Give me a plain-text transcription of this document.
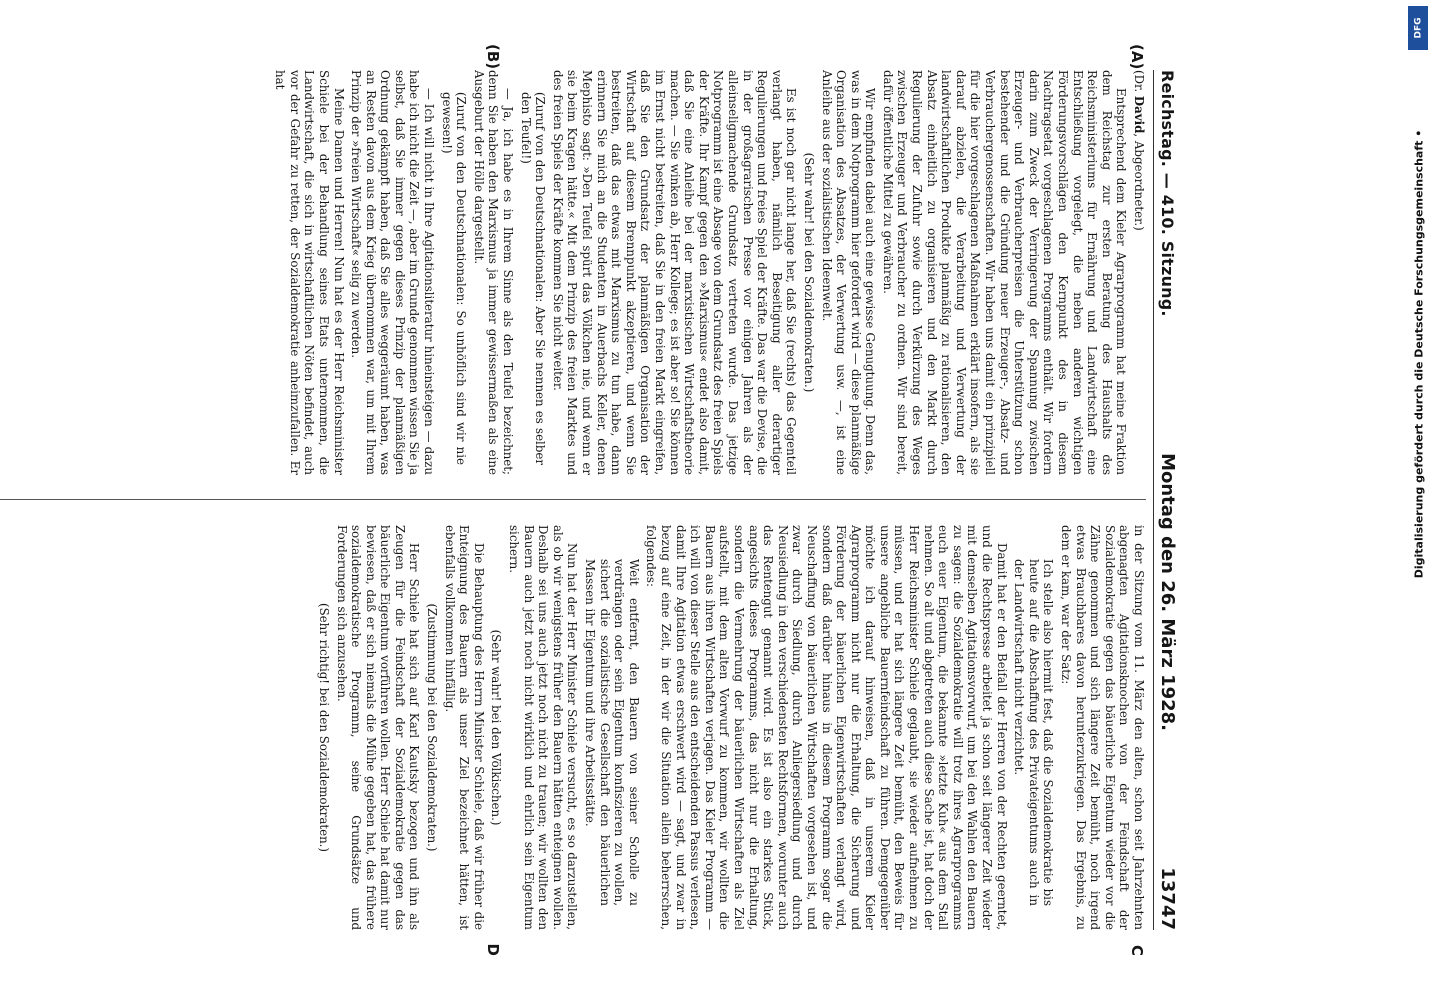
Reichstag. — 410. Sitzung.
Montag den 26. März 1928.
13747
(A)
(B)
C
D

(Dr. David, Abgeordneter.)

Entsprechend dem Kieler Agrarprogramm hat meine Fraktion dem Reichstag zur ersten Beratung des Haushalts des Reichsministeriums für Ernährung und Landwirtschaft eine Entschließung vorgelegt, die neben anderen wichtigen Förderungsvorschlägen den Kernpunkt des in diesem Nachtragsetat vorgeschlagenen Programms enthält. Wir fordern darin zum Zweck der Verringerung der Spannung zwischen Erzeuger- und Verbraucherpreisen die Unterstützung schon bestehender und die Gründung neuer Erzeuger-, Absatz- und Verbrauchergenossenschaften. Wir haben uns damit ein prinzipiell für die hier vorgeschlagenen Maßnahmen erklärt insofern, als sie darauf abzielen, die Verarbeitung und Verwertung der landwirtschaftlichen Produkte planmäßig zu rationalisieren, den Absatz einheitlich zu organisieren und den Markt durch Regulierung der Zufuhr sowie durch Verkürzung des Weges zwischen Erzeuger und Verbraucher zu ordnen. Wir sind bereit, dafür öffentliche Mittel zu gewähren.

Wir empfinden dabei auch eine gewisse Genugtuung. Denn das, was in dem Notprogramm hier gefordert wird — diese planmäßige Organisation des Absatzes, der Verwertung usw. —, ist eine Anleihe aus der sozialistischen Ideenwelt.

(Sehr wahr! bei den Sozialdemokraten.)

Es ist noch gar nicht lange her, daß Sie (rechts) das Gegenteil verlangt haben, nämlich Beseitigung aller derartiger Regulierungen und freies Spiel der Kräfte. Das war die Devise, die in der großagrarischen Presse vor einigen Jahren als der alleinseligmachende Grundsatz vertreten wurde. Das jetzige Notprogramm ist eine Absage von dem Grundsatz des freien Spiels der Kräfte. Ihr Kampf gegen den »Marxismus« endet also damit, daß Sie eine Anleihe bei der marxistischen Wirtschaftstheorie machen. — Sie winken ab, Herr Kollege; es ist aber so! Sie können im Ernst nicht bestreiten, daß Sie in den freien Markt eingreifen, daß Sie den Grundsatz der planmäßigen Organisation der Wirtschaft auf diesem Brennpunkt akzeptieren, und wenn Sie bestreiten, daß das etwas mit Marxismus zu tun habe, dann erinnern Sie mich an die Studenten in Auerbachs Keller, denen Mephisto sagt: »Den Teufel spürt das Völkchen nie, und wenn er sie beim Kragen hätte.« Mit dem Prinzip des freien Marktes und des freien Spiels der Kräfte kommen Sie nicht weiter.

(Zuruf von den Deutschnationalen: Aber Sie nennen es selber den Teufel!)

— Ja, ich habe es in Ihrem Sinne als den Teufel bezeichnet; denn Sie haben den Marxismus ja immer gewissermaßen als eine Ausgeburt der Hölle dargestellt.

(Zuruf von den Deutschnationalen: So unhöflich sind wir nie gewesen!)

— Ich will nicht in Ihre Agitationsliteratur hineinsteigen — dazu habe ich nicht die Zeit —, aber im Grunde genommen wissen Sie ja selbst, daß Sie immer gegen dieses Prinzip der planmäßigen Ordnung gekämpft haben, daß Sie alles weggeräumt haben, was an Resten davon aus dem Krieg übernommen war, um mit Ihrem Prinzip der »freien Wirtschaft« selig zu werden.

Meine Damen und Herren! Nun hat es der Herr Reichsminister Schiele bei der Behandlung seines Etats unternommen, die Landwirtschaft, die sich in wirtschaftlichen Nöten befindet, auch vor der Gefahr zu retten, der Sozialdemokratie anheimzufallen. Er hat

in der Sitzung vom 11. März den alten, schon seit Jahrzehnten abgenagten Agitationsknochen von der Feindschaft der Sozialdemokratie gegen das bäuerliche Eigentum wieder vor die Zähne genommen und sich längere Zeit bemüht, noch irgend etwas Brauchbares davon herunterzukriegen. Das Ergebnis, zu dem er kam, war der Satz:

Ich stelle also hiermit fest, daß die Sozialdemokratie bis heute auf die Abschaffung des Privateigentums auch in der Landwirtschaft nicht verzichtet.

Damit hat er den Beifall der Herren von der Rechten geerntet, und die Rechtspresse arbeitet ja schon seit längerer Zeit wieder mit demselben Agitationsvorwurf, um bei den Wahlen den Bauern zu sagen: die Sozialdemokratie will trotz ihres Agrarprogramms euch euer Eigentum, die bekannte »letzte Kuh« aus dem Stall nehmen. So alt und abgetreten auch diese Sache ist, hat doch der Herr Reichsminister Schiele geglaubt, sie wieder aufnehmen zu müssen, und er hat sich längere Zeit bemüht, den Beweis für unsere angebliche Bauernfeindschaft zu führen. Demgegenüber möchte ich darauf hinweisen, daß in unserem Kieler Agrarprogramm nicht nur die Erhaltung, die Sicherung und Förderung der bäuerlichen Eigenwirtschaften verlangt wird, sondern daß darüber hinaus in diesem Programm sogar die Neuschaffung von bäuerlichen Wirtschaften vorgesehen ist, und zwar durch Siedlung, durch Anliegersiedlung und durch Neusiedlung in den verschiedensten Rechtsformen, worunter auch das Rentengut genannt wird. Es ist also ein starkes Stück, angesichts dieses Programms, das nicht nur die Erhaltung, sondern die Vermehrung der bäuerlichen Wirtschaften als Ziel aufstellt, mit dem alten Vorwurf zu kommen, wir wollten die Bauern aus ihren Wirtschaften verjagen. Das Kieler Programm — ich will von dieser Stelle aus den entscheidenden Passus verlesen, damit Ihre Agitation etwas erschwert wird — sagt, und zwar in bezug auf eine Zeit, in der wir die Situation allein beherrschen, folgendes:

Weit entfernt, den Bauern von seiner Scholle zu verdrängen oder sein Eigentum konfiszieren zu wollen, sichert die sozialistische Gesellschaft den bäuerlichen Massen ihr Eigentum und ihre Arbeitsstätte.

Nun hat der Herr Minister Schiele versucht, es so darzustellen, als ob wir wenigstens früher den Bauern hätten enteignen wollen. Deshalb sei uns auch jetzt noch nicht zu trauen; wir wollten den Bauern auch jetzt noch nicht wirklich und ehrlich sein Eigentum sichern.

(Sehr wahr! bei den Völkischen.)

Die Behauptung des Herrn Minister Schiele, daß wir früher die Enteignung des Bauern als unser Ziel bezeichnet hätten, ist ebenfalls vollkommen hinfällig.

(Zustimmung bei den Sozialdemokraten.)

Herr Schiele hat sich auf Karl Kautsky bezogen und ihn als Zeugen für die Feindschaft der Sozialdemokratie gegen das bäuerliche Eigentum vorführen wollen. Herr Schiele hat damit nur bewiesen, daß er sich niemals die Mühe gegeben hat, das frühere sozialdemokratische Programm, seine Grundsätze und Forderungen sich anzusehen.

(Sehr richtig! bei den Sozialdemokraten.)

DFG
Digitalisierung gefördert durch die Deutsche Forschungsgemeinschaft •
